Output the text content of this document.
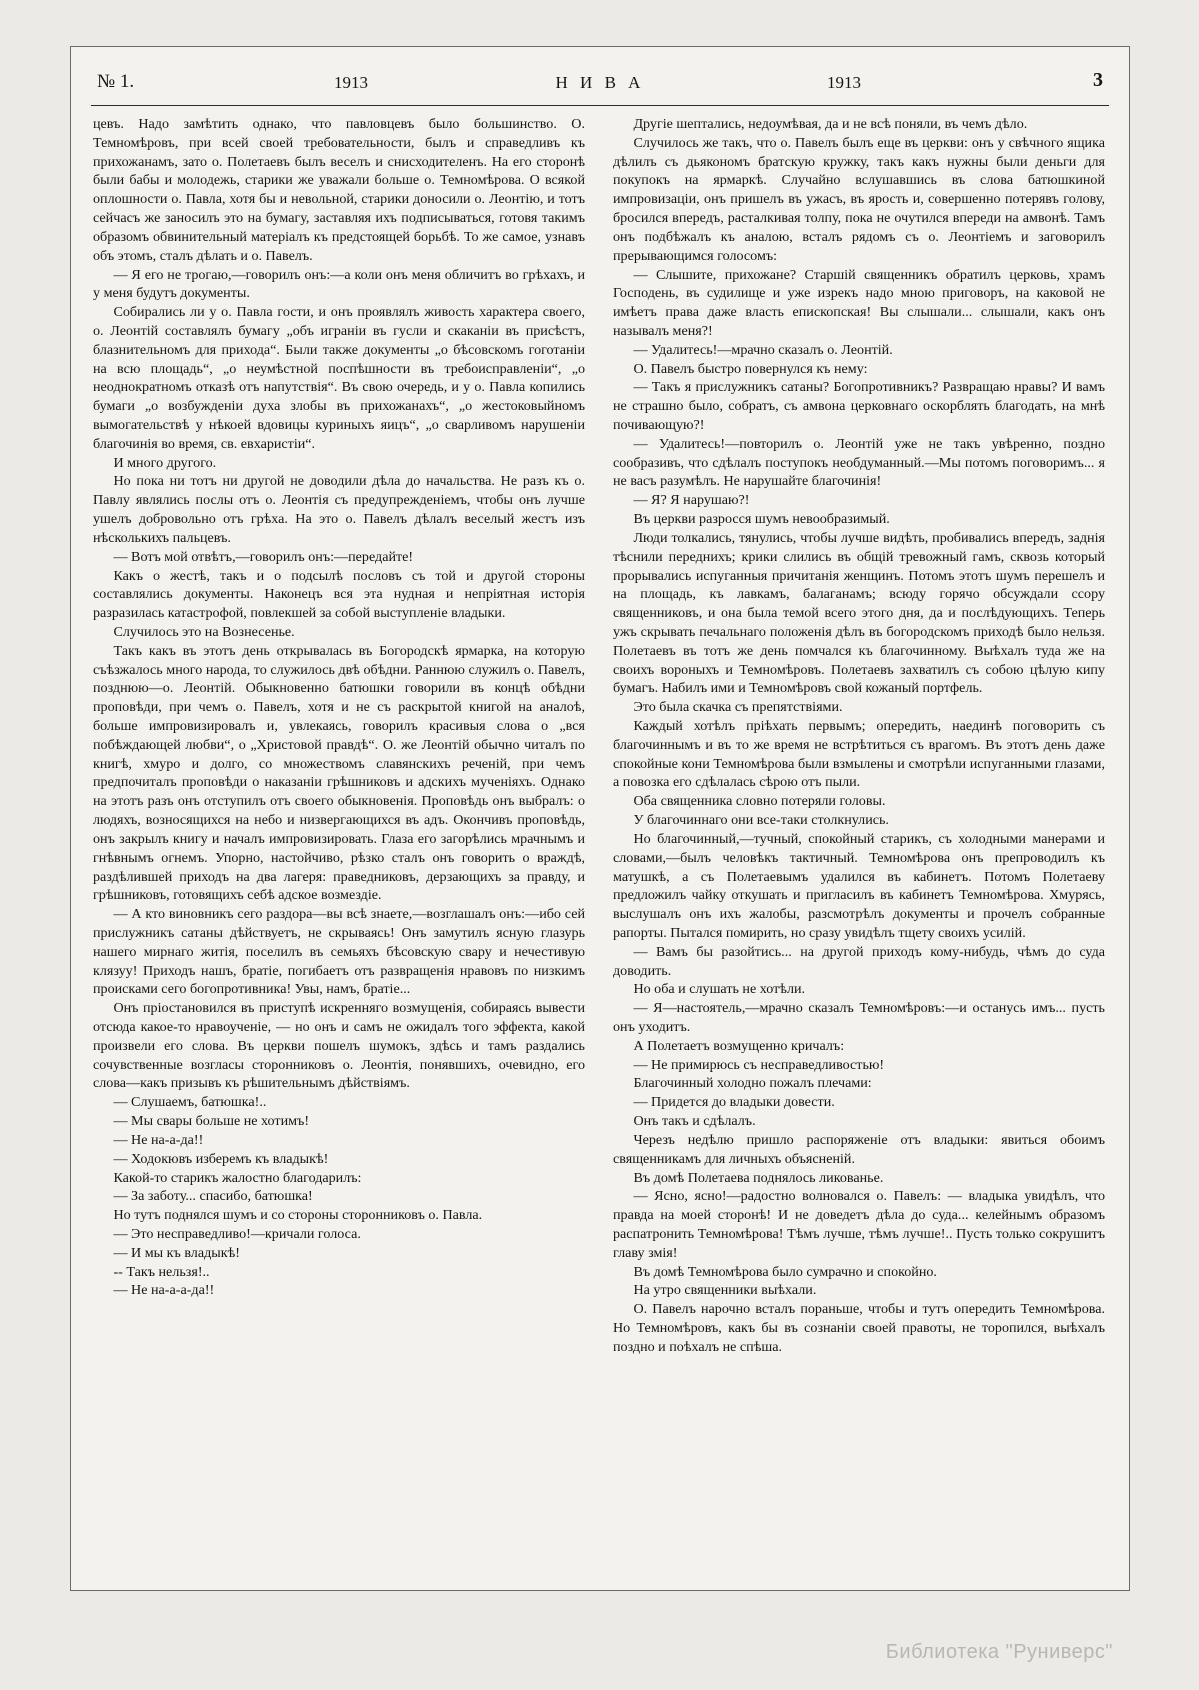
№ 1.	1913	Н И В А	1913	3

цевъ. Надо замѣтить однако, что павловцевъ было большинство. О. Темномѣровъ, при всей своей требовательности, былъ и справедливъ къ прихожанамъ, зато о. Полетаевъ былъ веселъ и снисходителенъ. На его сторонѣ были бабы и молодежь, старики же уважали больше о. Темномѣрова. О всякой оплошности о. Павла, хотя бы и невольной, старики доносили о. Леонтію, и тотъ сейчасъ же заносилъ это на бумагу, заставляя ихъ подписываться, готовя такимъ образомъ обвинительный матеріалъ къ предстоящей борьбѣ. То же самое, узнавъ объ этомъ, сталъ дѣлать и о. Павелъ.

— Я его не трогаю,—говорилъ онъ:—а коли онъ меня обличитъ во грѣхахъ, и у меня будутъ документы.

Собирались ли у о. Павла гости, и онъ проявлялъ живость характера своего, о. Леонтій составлялъ бумагу „объ игранiи въ гусли и скаканіи въ присѣстъ, блазнительномъ для прихода“. Были также документы „о бѣсовскомъ гоготаніи на всю площадь“, „о неумѣстной поспѣшности въ требоисправленіи“, „о неоднократномъ отказѣ отъ напутствія“. Въ свою очередь, и у о. Павла копились бумаги „о возбужденіи духа злобы въ прихожанахъ“, „о жестоковыйномъ вымогательствѣ у нѣкоей вдовицы куриныхъ яицъ“, „о сварливомъ нарушеніи благочинія во время, св. евхаристіи“.

И много другого.

Но пока ни тотъ ни другой не доводили дѣла до начальства. Не разъ къ о. Павлу являлись послы отъ о. Леонтія съ предупрежденіемъ, чтобы онъ лучше ушелъ добровольно отъ грѣха. На это о. Павелъ дѣлалъ веселый жестъ изъ нѣсколькихъ пальцевъ.

— Вотъ мой отвѣтъ,—говорилъ онъ:—передайте!

Какъ о жестѣ, такъ и о подсылѣ пословъ съ той и другой стороны составлялись документы. Наконецъ вся эта нудная и непріятная исторія разразилась катастрофой, повлекшей за собой выступленіе владыки.

Случилось это на Вознесенье.

Такъ какъ въ этотъ день открывалась въ Богородскѣ ярмарка, на которую съѣзжалось много народа, то служилось двѣ обѣдни. Раннюю служилъ о. Павелъ, позднюю—о. Леонтій. Обыкновенно батюшки говорили въ концѣ обѣдни проповѣди, при чемъ о. Павелъ, хотя и не съ раскрытой книгой на аналоѣ, больше импровизировалъ и, увлекаясь, говорилъ красивыя слова о „вся побѣждающей любви“, о „Христовой правдѣ“. О. же Леонтій обычно читалъ по книгѣ, хмуро и долго, со множествомъ славянскихъ реченій, при чемъ предпочиталъ проповѣди о наказаніи грѣшниковъ и адскихъ мученіяхъ. Однако на этотъ разъ онъ отступилъ отъ своего обыкновенія. Проповѣдь онъ выбралъ: о людяхъ, возносящихся на небо и низвергающихся въ адъ. Окончивъ проповѣдь, онъ закрылъ книгу и началъ импровизировать. Глаза его загорѣлись мрачнымъ и гнѣвнымъ огнемъ. Упорно, настойчиво, рѣзко сталъ онъ говорить о враждѣ, раздѣлившей приходъ на два лагеря: праведниковъ, дерзающихъ за правду, и грѣшниковъ, готовящихъ себѣ адское возмездіе.

— А кто виновникъ сего раздора—вы всѣ знаете,—возглашалъ онъ:—ибо сей прислужникъ сатаны дѣйствуетъ, не скрываясь! Онъ замутилъ ясную глазурь нашего мирнаго житія, поселилъ въ семьяхъ бѣсовскую свару и нечестивую клязуу! Приходъ нашъ, братіе, погибаетъ отъ развращенія нравовъ по низкимъ происками сего богопротивника! Увы, намъ, братіе...

Онъ пріостановился въ приступѣ искренняго возмущенія, собираясь вывести отсюда какое-то нравоученіе, — но онъ и самъ не ожидалъ того эффекта, какой произвели его слова. Въ церкви пошелъ шумокъ, здѣсь и тамъ раздались сочувственные возгласы сторонниковъ о. Леонтія, понявшихъ, очевидно, его слова—какъ призывъ къ рѣшительнымъ дѣйствіямъ.

— Слушаемъ, батюшка!..

— Мы свары больше не хотимъ!

— Не на-а-да!!

— Ходокювъ изберемъ къ владыкѣ!

Какой-то старикъ жалостно благодарилъ:

— За заботу... спасибо, батюшка!

Но тутъ поднялся шумъ и со стороны сторонниковъ о. Павла.

— Это несправедливо!—кричали голоса.

— И мы къ владыкѣ!

-- Такъ нельзя!..

— Не на-а-а-да!!

Другіе шептались, недоумѣвая, да и не всѣ поняли, въ чемъ дѣло.

Случилось же такъ, что о. Павелъ былъ еще въ церкви: онъ у свѣчного ящика дѣлилъ съ дьякономъ братскую кружку, такъ какъ нужны были деньги для покупокъ на ярмаркѣ. Случайно вслушавшись въ слова батюшкиной импровизаціи, онъ пришелъ въ ужасъ, въ ярость и, совершенно потерявъ голову, бросился впередъ, расталкивая толпу, пока не очутился впереди на амвонѣ. Тамъ онъ подбѣжалъ къ аналою, всталъ рядомъ съ о. Леонтіемъ и заговорилъ прерывающимся голосомъ:

— Слышите, прихожане? Старшій священникъ обратилъ церковь, храмъ Господень, въ судилище и уже изрекъ надо мною приговоръ, на каковой не имѣетъ права даже власть епископская! Вы слышали... слышали, какъ онъ называлъ меня?!

— Удалитесь!—мрачно сказалъ о. Леонтій.

О. Павелъ быстро повернулся къ нему:

— Такъ я прислужникъ сатаны? Богопротивникъ? Развращаю нравы? И вамъ не страшно было, собратъ, съ амвона церковнаго оскорблять благодать, на мнѣ почивающую?!

— Удалитесь!—повторилъ о. Леонтій уже не такъ увѣренно, поздно сообразивъ, что сдѣлалъ поступокъ необдуманный.—Мы потомъ поговоримъ... я не васъ разумѣлъ. Не нарушайте благочинія!

— Я? Я нарушаю?!

Въ церкви разросся шумъ невообразимый.

Люди толкались, тянулись, чтобы лучше видѣть, пробивались впередъ, заднія тѣснили переднихъ; крики слились въ общій тревожный гамъ, сквозь который прорывались испуганныя причитанія женщинъ. Потомъ этотъ шумъ перешелъ и на площадь, къ лавкамъ, балаганамъ; всюду горячо обсуждали ссору священниковъ, и она была темой всего этого дня, да и послѣдующихъ. Теперь ужъ скрывать печальнаго положенія дѣлъ въ богородскомъ приходѣ было нельзя. Полетаевъ въ тотъ же день помчался къ благочинному. Выѣхалъ туда же на своихъ вороныхъ и Темномѣровъ. Полетаевъ захватилъ съ собою цѣлую кипу бумагъ. Набилъ ими и Темномѣровъ свой кожаный портфель.

Это была скачка съ препятствіями.

Каждый хотѣлъ пріѣхать первымъ; опередить, наединѣ поговорить съ благочиннымъ и въ то же время не встрѣтиться съ врагомъ. Въ этотъ день даже спокойные кони Темномѣрова были взмылены и смотрѣли испуганными глазами, а повозка его сдѣлалась сѣрою отъ пыли.

Оба священника словно потеряли головы.

У благочиннаго они все-таки столкнулись.

Но благочинный,—тучный, спокойный старикъ, съ холодными манерами и словами,—былъ человѣкъ тактичный. Темномѣрова онъ препроводилъ къ матушкѣ, а съ Полетаевымъ удалился въ кабинетъ. Потомъ Полетаеву предложилъ чайку откушать и пригласилъ въ кабинетъ Темномѣрова. Хмурясь, выслушалъ онъ ихъ жалобы, разсмотрѣлъ документы и прочелъ собранные рапорты. Пытался помирить, но сразу увидѣлъ тщету своихъ усилій.

— Вамъ бы разойтись... на другой приходъ кому-нибудь, чѣмъ до суда доводить.

Но оба и слушать не хотѣли.

— Я—настоятель,—мрачно сказалъ Темномѣровъ:—и останусь имъ... пусть онъ уходитъ.

А Полетаетъ возмущенно кричалъ:

— Не примирюсь съ несправедливостью!

Благочинный холодно пожалъ плечами:

— Придется до владыки довести.

Онъ такъ и сдѣлалъ.

Черезъ недѣлю пришло распоряженіе отъ владыки: явиться обоимъ священникамъ для личныхъ объясненій.

Въ домѣ Полетаева поднялось ликованье.

— Ясно, ясно!—радостно волновался о. Павелъ: — владыка увидѣлъ, что правда на моей сторонѣ! И не доведетъ дѣла до суда... келейнымъ образомъ распатронить Темномѣрова! Тѣмъ лучше, тѣмъ лучше!.. Пусть только сокрушитъ главу змія!

Въ домѣ Темномѣрова было сумрачно и спокойно.

На утро священники выѣхали.

О. Павелъ нарочно всталъ пораньше, чтобы и тутъ опередить Темномѣрова. Но Темномѣровъ, какъ бы въ сознаніи своей правоты, не торопился, выѣхалъ поздно и поѣхалъ не спѣша.

Библиотека "Руниверс"
